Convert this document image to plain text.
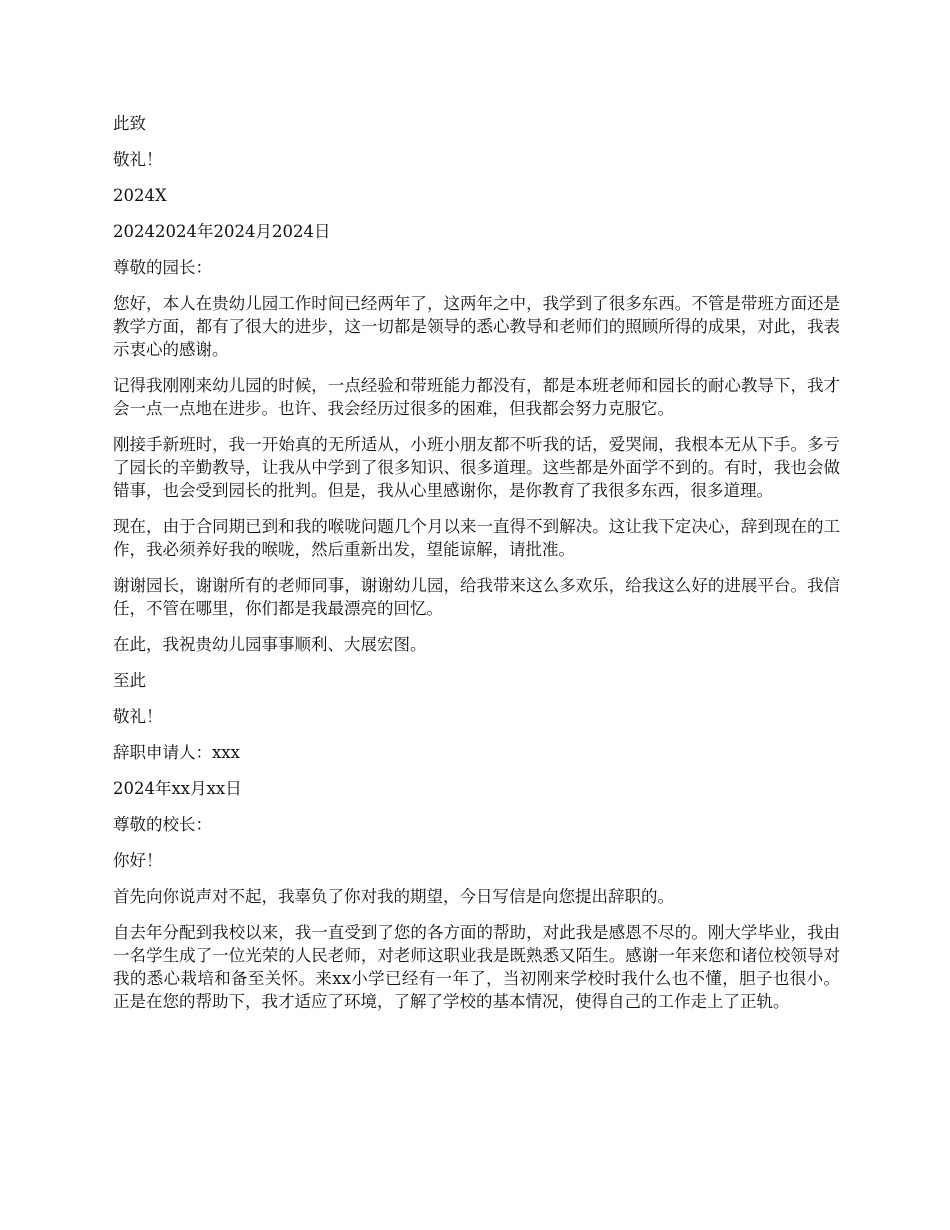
此致

敬礼！

2024X

20242024年2024月2024日

尊敬的园长：

您好，本人在贵幼儿园工作时间已经两年了，这两年之中，我学到了很多东西。不管是带班方面还是教学方面，都有了很大的进步，这一切都是领导的悉心教导和老师们的照顾所得的成果，对此，我表示衷心的感谢。

记得我刚刚来幼儿园的时候，一点经验和带班能力都没有，都是本班老师和园长的耐心教导下，我才会一点一点地在进步。也许、我会经历过很多的困难，但我都会努力克服它。

刚接手新班时，我一开始真的无所适从，小班小朋友都不听我的话，爱哭闹，我根本无从下手。多亏了园长的辛勤教导，让我从中学到了很多知识、很多道理。这些都是外面学不到的。有时，我也会做错事，也会受到园长的批判。但是，我从心里感谢你，是你教育了我很多东西，很多道理。

现在，由于合同期已到和我的喉咙问题几个月以来一直得不到解决。这让我下定决心，辞到现在的工作，我必须养好我的喉咙，然后重新出发，望能谅解，请批准。

谢谢园长，谢谢所有的老师同事，谢谢幼儿园，给我带来这么多欢乐，给我这么好的进展平台。我信任，不管在哪里，你们都是我最漂亮的回忆。

在此，我祝贵幼儿园事事顺利、大展宏图。

至此

敬礼！

辞职申请人：xxx

2024年xx月xx日

尊敬的校长：

你好！

首先向你说声对不起，我辜负了你对我的期望，今日写信是向您提出辞职的。

自去年分配到我校以来，我一直受到了您的各方面的帮助，对此我是感恩不尽的。刚大学毕业，我由一名学生成了一位光荣的人民老师，对老师这职业我是既熟悉又陌生。感谢一年来您和诸位校领导对我的悉心栽培和备至关怀。来xx小学已经有一年了，当初刚来学校时我什么也不懂，胆子也很小。正是在您的帮助下，我才适应了环境，了解了学校的基本情况，使得自己的工作走上了正轨。
